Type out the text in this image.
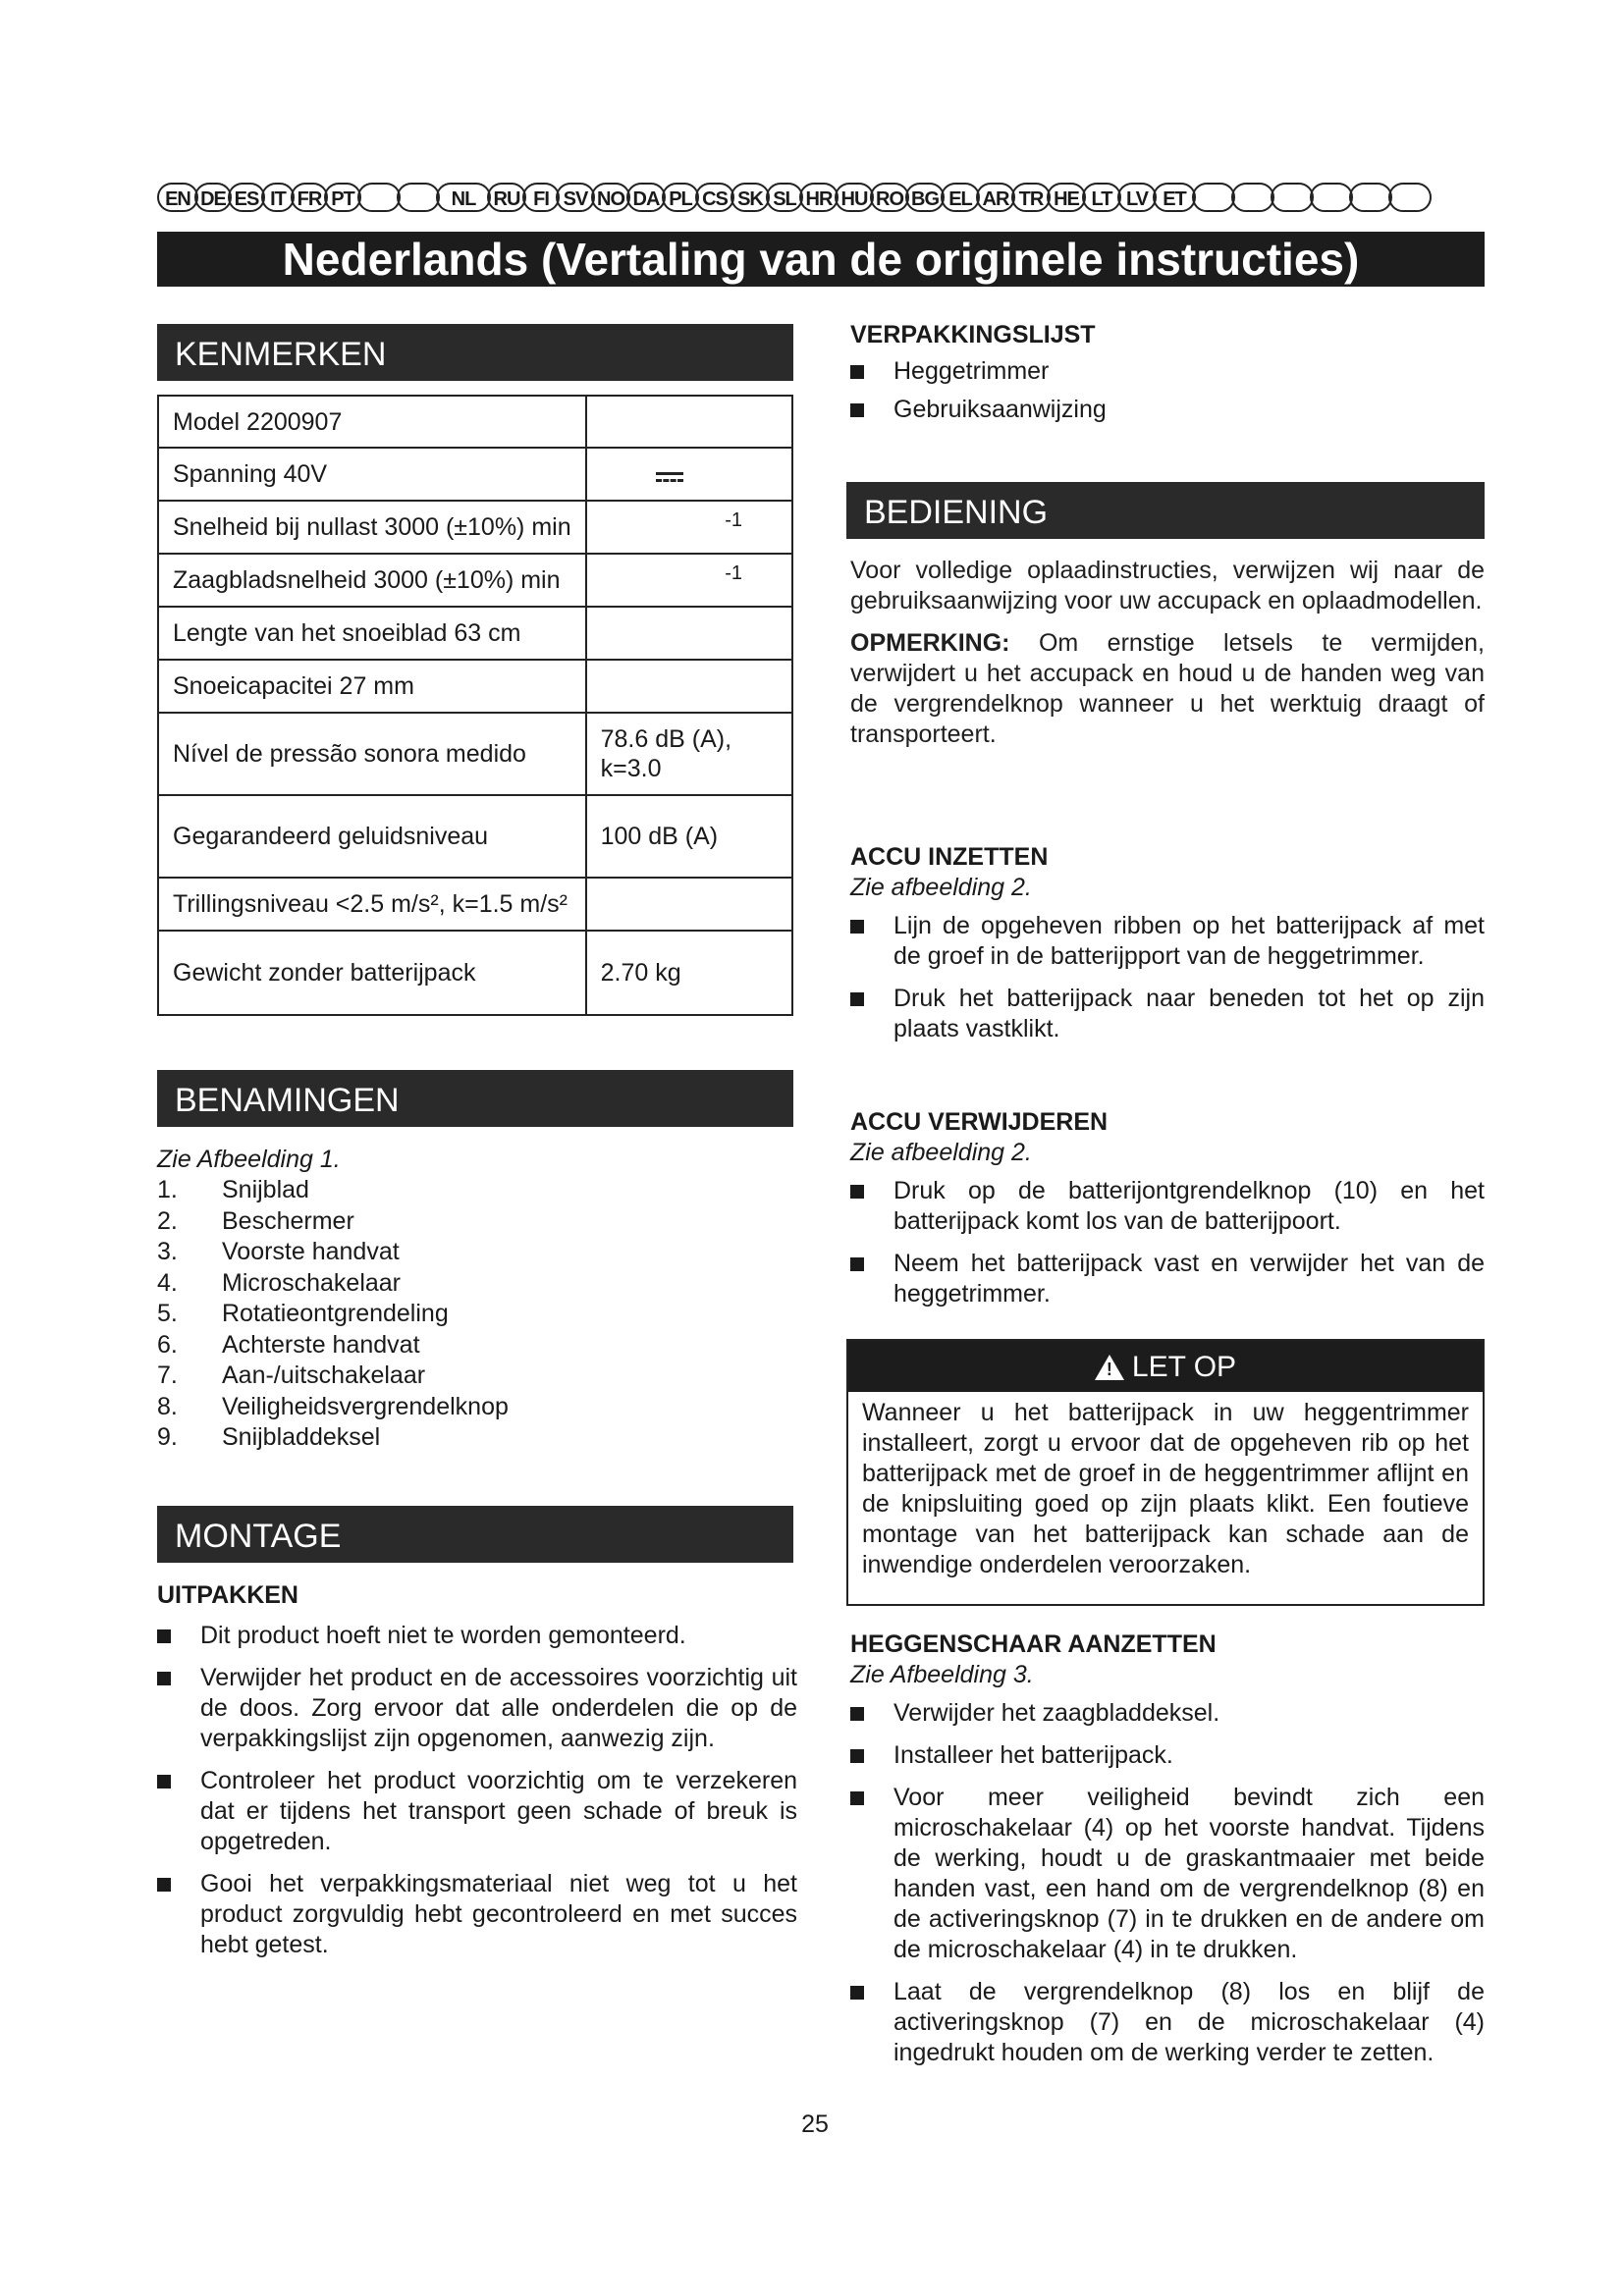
EN DE ES IT FR PT	NL RU FI SV NO DA PL CS SK SL HR HU RO BG EL AR TR HE LT LV ET
Nederlands (Vertaling van de originele instructies)
KENMERKEN
Model 2200907	
Spanning 40V	
Snelheid bij nullast 3000 (±10%) min	-1
Zaagbladsnelheid 3000 (±10%) min	-1
Lengte van het snoeiblad 63 cm	
Snoeicapacitei 27 mm	
Nível de pressão sonora medido	78.6 dB (A), k=3.0
Gegarandeerd geluidsniveau	100 dB (A)
Trillingsniveau <2.5 m/s², k=1.5 m/s²	
Gewicht zonder batterijpack	2.70 kg
BENAMINGEN
Zie Afbeelding 1.
1. Snijblad
2. Beschermer
3. Voorste handvat
4. Microschakelaar
5. Rotatieontgrendeling
6. Achterste handvat
7. Aan-/uitschakelaar
8. Veiligheidsvergrendelknop
9. Snijbladdeksel
MONTAGE
UITPAKKEN
Dit product hoeft niet te worden gemonteerd.
Verwijder het product en de accessoires voorzichtig uit de doos. Zorg ervoor dat alle onderdelen die op de verpakkingslijst zijn opgenomen, aanwezig zijn.
Controleer het product voorzichtig om te verzekeren dat er tijdens het transport geen schade of breuk is opgetreden.
Gooi het verpakkingsmateriaal niet weg tot u het product zorgvuldig hebt gecontroleerd en met succes hebt getest.
VERPAKKINGSLIJST
Heggetrimmer
Gebruiksaanwijzing
BEDIENING
Voor volledige oplaadinstructies, verwijzen wij naar de gebruiksaanwijzing voor uw accupack en oplaadmodellen.
OPMERKING: Om ernstige letsels te vermijden, verwijdert u het accupack en houd u de handen weg van de vergrendelknop wanneer u het werktuig draagt of transporteert.
ACCU INZETTEN
Zie afbeelding 2.
Lijn de opgeheven ribben op het batterijpack af met de groef in de batterijpport van de heggetrimmer.
Druk het batterijpack naar beneden tot het op zijn plaats vastklikt.
ACCU VERWIJDEREN
Zie afbeelding 2.
Druk op de batterijontgrendelknop (10) en het batterijpack komt los van de batterijpoort.
Neem het batterijpack vast en verwijder het van de heggetrimmer.
! LET OP
Wanneer u het batterijpack in uw heggentrimmer installeert, zorgt u ervoor dat de opgeheven rib op het batterijpack met de groef in de heggentrimmer aflijnt en de knipsluiting goed op zijn plaats klikt. Een foutieve montage van het batterijpack kan schade aan de inwendige onderdelen veroorzaken.
HEGGENSCHAAR AANZETTEN
Zie Afbeelding 3.
Verwijder het zaagbladdeksel.
Installeer het batterijpack.
Voor meer veiligheid bevindt zich een microschakelaar (4) op het voorste handvat. Tijdens de werking, houdt u de graskantmaaier met beide handen vast, een hand om de vergrendelknop (8) en de activeringsknop (7) in te drukken en de andere om de microschakelaar (4) in te drukken.
Laat de vergrendelknop (8) los en blijf de activeringsknop (7) en de microschakelaar (4) ingedrukt houden om de werking verder te zetten.
25
